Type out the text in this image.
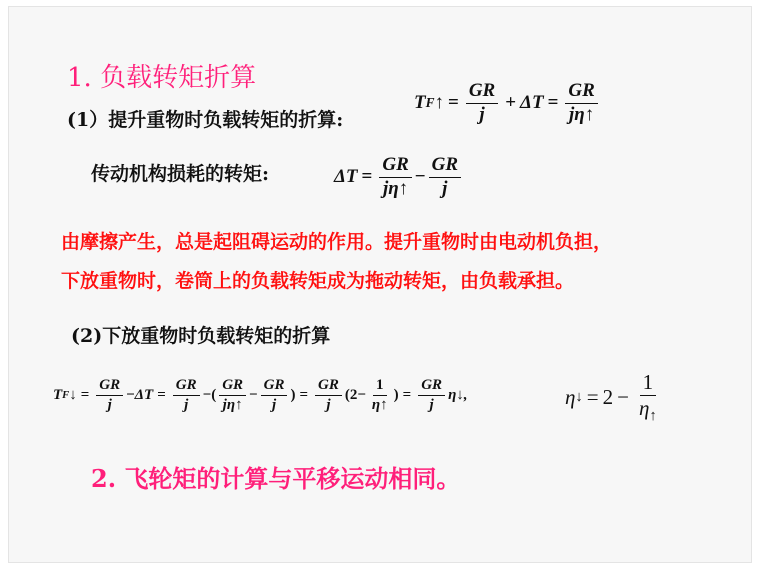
1. 负载转矩折算
(1）提升重物时负载转矩的折算:
T F ↑ = $\frac{GR}{j} + \Delta T = \frac{GR}{j\eta↑}$
传动机构损耗的转矩:	$\Delta T = \frac{GR}{j\eta↑} - \frac{GR}{j}$
由摩擦产生，总是起阻碍运动的作用。提升重物时由电动机负担，
下放重物时，卷筒上的负载转矩成为拖动转矩，由负载承担。
(2)下放重物时负载转矩的折算
T F ↓ = $\frac{GR}{j} - \Delta T = \frac{GR}{j}$ − ( $\frac{GR}{j\eta↑} - \frac{GR}{j}$ ) = $\frac{GR}{j} (2 - \frac{1}{\eta↑}$ ) = $\frac{GR}{j}$ η↓,	η ↓ = $2 - \frac{1}{\eta_↑}$
2. 飞轮矩的计算与平移运动相同。
